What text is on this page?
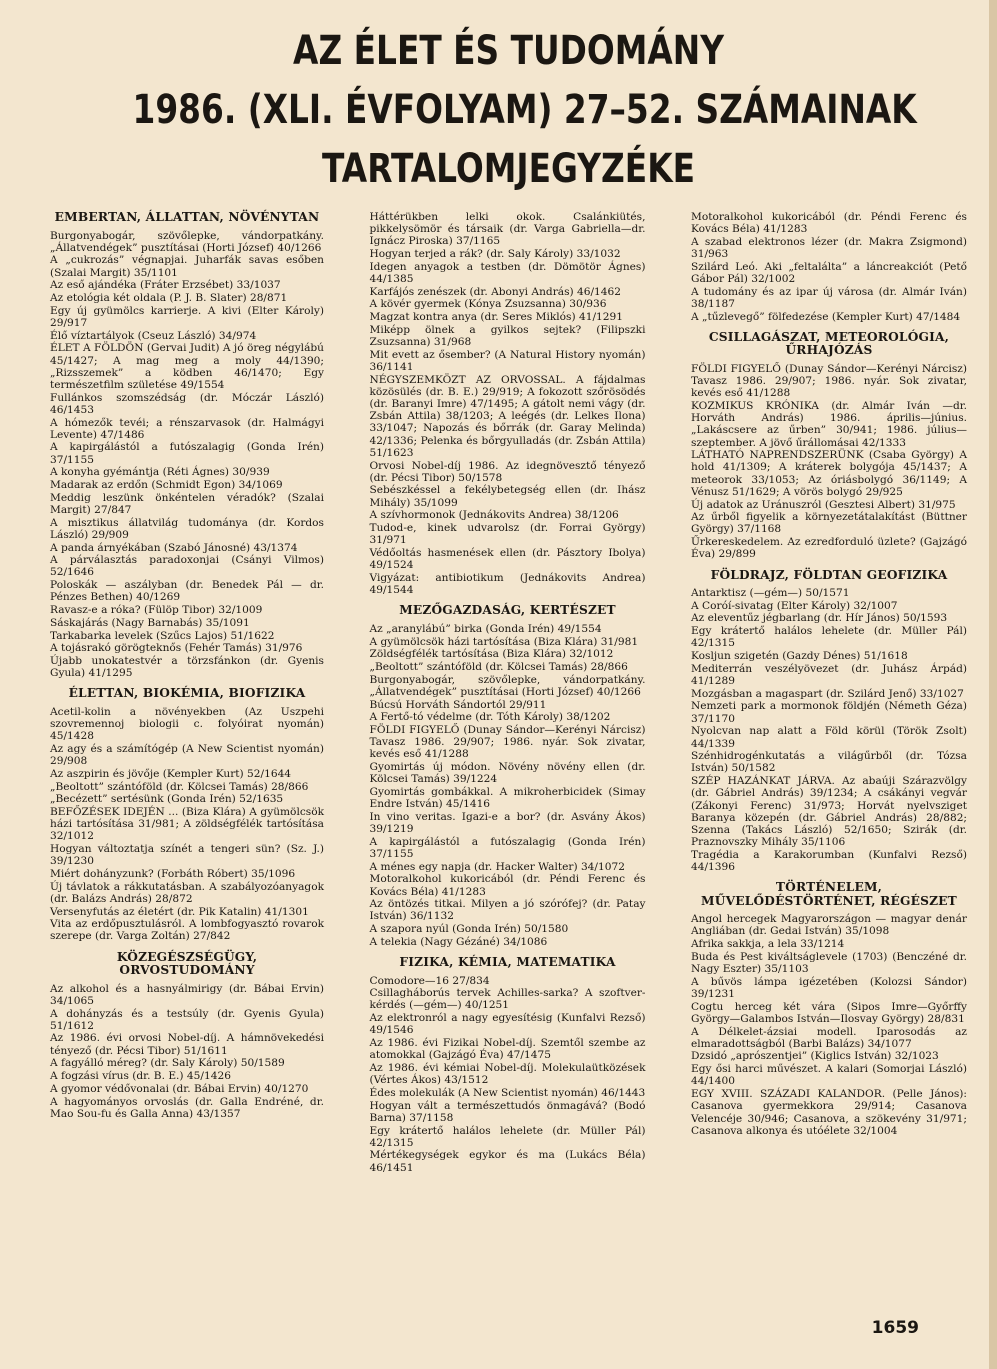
AZ ÉLET ÉS TUDOMÁNY
1986. (XLI. ÉVFOLYAM) 27–52. SZÁMAINAK
TARTALOMJEGYZÉKE
EMBERTAN, ÁLLATTAN, NÖVÉNYTAN
Burgonyabogár, szövőlepke, vándorpatkány. „Állatvendégek” pusztításai (Horti József) 40/1266
A „cukrozás” végnapjai. Juharfák savas esőben (Szalai Margit) 35/1101
Az eső ajándéka (Fráter Erzsébet) 33/1037
Az etológia két oldala (P. J. B. Slater) 28/871
Egy új gyümölcs karrierje. A kivi (Elter Károly) 29/917
Élő víztartályok (Cseuz László) 34/974
ÉLET A FÖLDÖN (Gervai Judit) A jó öreg négylábú 45/1427; A mag meg a moly 44/1390; „Rizsszemek” a ködben 46/1470; Egy természetfilm születése 49/1554
Fullánkos szomszédság (dr. Móczár László) 46/1453
A hómezők tevéi; a rénszarvasok (dr. Halmágyi Levente) 47/1486
A kapirgálástól a futószalagig (Gonda Irén) 37/1155
A konyha gyémántja (Réti Ágnes) 30/939
Madarak az erdőn (Schmidt Egon) 34/1069
Meddig leszünk önkéntelen véradók? (Szalai Margit) 27/847
A misztikus állatvilág tudománya (dr. Kordos László) 29/909
A panda árnyékában (Szabó Jánosné) 43/1374
A párválasztás paradoxonjai (Csányi Vilmos) 52/1646
Poloskák — aszályban (dr. Benedek Pál — dr. Pénzes Bethen) 40/1269
Ravasz-e a róka? (Fülöp Tibor) 32/1009
Sáskajárás (Nagy Barnabás) 35/1091
Tarkabarka levelek (Szűcs Lajos) 51/1622
A tojásrakó görögteknős (Fehér Tamás) 31/976
Újabb unokatestvér a törzsfánkon (dr. Gyenis Gyula) 41/1295
ÉLETTAN, BIOKÉMIA, BIOFIZIKA
Acetil-kolin a növényekben (Az Uszpehi szovremennoj biologii c. folyóirat nyomán) 45/1428
Az agy és a számítógép (A New Scientist nyomán) 29/908
Az aszpirin és jövője (Kempler Kurt) 52/1644
„Beoltott” szántóföld (dr. Kölcsei Tamás) 28/866
„Becézett” sertésünk (Gonda Irén) 52/1635
BEFŐZÉSEK IDEJÉN ... (Biza Klára) A gyümölcsök házi tartósítása 31/981; A zöldségfélék tartósítása 32/1012
Hogyan változtatja színét a tengeri sün? (Sz. J.) 39/1230
Miért dohányzunk? (Forbáth Róbert) 35/1096
Új távlatok a rákkutatásban. A szabályozóanyagok (dr. Balázs András) 28/872
Versenyfutás az életért (dr. Pik Katalin) 41/1301
Vita az erdőpusztulásról. A lombfogyasztó rovarok szerepe (dr. Varga Zoltán) 27/842
KÖZEGÉSZSÉGÜGY, ORVOSTUDOMÁNY
Az alkohol és a hasnyálmirigy (dr. Bábai Ervin) 34/1065
A dohányzás és a testsúly (dr. Gyenis Gyula) 51/1612
Az 1986. évi orvosi Nobel-díj. A hámnövekedési tényező (dr. Pécsi Tibor) 51/1611
A fagyálló méreg? (dr. Saly Károly) 50/1589
A fogzási vírus (dr. B. E.) 45/1426
A gyomor védővonalai (dr. Bábai Ervin) 40/1270
A hagyományos orvoslás (dr. Galla Endréné, dr. Mao Sou-fu és Galla Anna) 43/1357
Háttérükben lelki okok. Csalánkiütés, pikkelysömör és társaik (dr. Varga Gabriella—dr. Ignácz Piroska) 37/1165
Hogyan terjed a rák? (dr. Saly Károly) 33/1032
Idegen anyagok a testben (dr. Dömötör Ágnes) 44/1385
Karfájós zenészek (dr. Abonyi András) 46/1462
A kövér gyermek (Kónya Zsuzsanna) 30/936
Magzat kontra anya (dr. Seres Miklós) 41/1291
Miképp ölnek a gyilkos sejtek? (Filipszki Zsuzsanna) 31/968
Mit evett az ősember? (A Natural History nyomán) 36/1141
NÉGYSZEMKÖZT AZ ORVOSSAL. A fájdalmas közösülés (dr. B. E.) 29/919; A fokozott szőrösödés (dr. Baranyi Imre) 47/1495; A gátolt nemi vágy (dr. Zsbán Attila) 38/1203; A leégés (dr. Lelkes Ilona) 33/1047; Napozás és bőrrák (dr. Garay Melinda) 42/1336; Pelenka és bőrgyulladás (dr. Zsbán Attila) 51/1623
Orvosi Nobel-díj 1986. Az idegnövesztő tényező (dr. Pécsi Tibor) 50/1578
Sebészkéssel a fekélybetegség ellen (dr. Ihász Mihály) 35/1099
A szívhormonok (Jednákovits Andrea) 38/1206
Tudod-e, kinek udvarolsz (dr. Forrai György) 31/971
Védőoltás hasmenések ellen (dr. Pásztory Ibolya) 49/1524
Vigyázat: antibiotikum (Jednákovits Andrea) 49/1544
MEZŐGAZDASÁG, KERTÉSZET
Az „aranylábú” birka (Gonda Irén) 49/1554
A gyümölcsök házi tartósítása (Biza Klára) 31/981
Zöldségfélék tartósítása (Biza Klára) 32/1012
„Beoltott” szántóföld (dr. Kölcsei Tamás) 28/866
Burgonyabogár, szövőlepke, vándorpatkány. „Állatvendégek” pusztításai (Horti József) 40/1266
Búcsú Horváth Sándortól 29/911
A Fertő-tó védelme (dr. Tóth Károly) 38/1202
FÖLDI FIGYELŐ (Dunay Sándor—Kerényi Nárcisz) Tavasz 1986. 29/907; 1986. nyár. Sok zivatar, kevés eső 41/1288
Gyomirtás új módon. Növény növény ellen (dr. Kölcsei Tamás) 39/1224
Gyomirtás gombákkal. A mikroherbicidek (Simay Endre István) 45/1416
In vino veritas. Igazi-e a bor? (dr. Asvány Ákos) 39/1219
A kapirgálástól a futószalagig (Gonda Irén) 37/1155
A ménes egy napja (dr. Hacker Walter) 34/1072
Motoralkohol kukoricából (dr. Péndi Ferenc és Kovács Béla) 41/1283
Az öntözés titkai. Milyen a jó szórófej? (dr. Patay István) 36/1132
A szapora nyúl (Gonda Irén) 50/1580
A telekia (Nagy Gézáné) 34/1086
FIZIKA, KÉMIA, MATEMATIKA
Comodore—16 27/834
Csillagháborús tervek Achilles-sarka? A szoftver-kérdés (—gém—) 40/1251
Az elektronról a nagy egyesítésig (Kunfalvi Rezső) 49/1546
Az 1986. évi Fizikai Nobel-díj. Szemtől szembe az atomokkal (Gajzágó Éva) 47/1475
Az 1986. évi kémiai Nobel-díj. Molekulaütközések (Vértes Ákos) 43/1512
Édes molekulák (A New Scientist nyomán) 46/1443
Hogyan vált a természettudós önmagává? (Bodó Barna) 37/1158
Egy krátertő halálos lehelete (dr. Müller Pál) 42/1315
Mértékegységek egykor és ma (Lukács Béla) 46/1451
Motoralkohol kukoricából (dr. Péndi Ferenc és Kovács Béla) 41/1283
A szabad elektronos lézer (dr. Makra Zsigmond) 31/963
Szilárd Leó. Aki „feltalálta” a láncreakciót (Pető Gábor Pál) 32/1002
A tudomány és az ipar új városa (dr. Almár Iván) 38/1187
A „tűzlevegő” fölfedezése (Kempler Kurt) 47/1484
CSILLAGÁSZAT, METEOROLÓGIA, ŰRHAJÓZÁS
FÖLDI FIGYELŐ (Dunay Sándor—Kerényi Nárcisz) Tavasz 1986. 29/907; 1986. nyár. Sok zivatar, kevés eső 41/1288
KOZMIKUS KRÓNIKA (dr. Almár Iván —dr. Horváth András) 1986. április—június. „Lakáscsere az űrben” 30/941; 1986. július—szeptember. A jövő űrállomásai 42/1333
LÁTHATÓ NAPRENDSZERÜNK (Csaba György) A hold 41/1309; A kráterek bolygója 45/1437; A meteorok 33/1053; Az óriásbolygó 36/1149; A Vénusz 51/1629; A vörös bolygó 29/925
Új adatok az Uránuszról (Gesztesi Albert) 31/975
Az űrből figyelik a környezetátalakítást (Büttner György) 37/1168
Űrkereskedelem. Az ezredforduló üzlete? (Gajzágó Éva) 29/899
FÖLDRAJZ, FÖLDTAN GEOFIZIKA
Antarktisz (—gém—) 50/1571
A Coróí-sivatag (Elter Károly) 32/1007
Az eleventűz jégbarlang (dr. Hír János) 50/1593
Egy krátertő halálos lehelete (dr. Müller Pál) 42/1315
Kosljun szigetén (Gazdy Dénes) 51/1618
Mediterrán veszélyövezet (dr. Juhász Árpád) 41/1289
Mozgásban a magaspart (dr. Szilárd Jenő) 33/1027
Nemzeti park a mormonok földjén (Németh Géza) 37/1170
Nyolcvan nap alatt a Föld körül (Török Zsolt) 44/1339
Szénhidrogénkutatás a világűrből (dr. Tózsa István) 50/1582
SZÉP HAZÁNKAT JÁRVA. Az abaúji Szárazvölgy (dr. Gábriel András) 39/1234; A csákányi vegvár (Zákonyi Ferenc) 31/973; Horvát nyelvsziget Baranya közepén (dr. Gábriel András) 28/882; Szenna (Takács László) 52/1650; Szirák (dr. Praznovszky Mihály 35/1106
Tragédia a Karakorumban (Kunfalvi Rezső) 44/1396
TÖRTÉNELEM, MŰVELŐDÉSTÖRTÉNET, RÉGÉSZET
Angol hercegek Magyarországon — magyar denár Angliában (dr. Gedai István) 35/1098
Afrika sakkja, a lela 33/1214
Buda és Pest kiváltságlevele (1703) (Benczéné dr. Nagy Eszter) 35/1103
A bűvös lámpa igézetében (Kolozsi Sándor) 39/1231
Cogtu herceg két vára (Sipos Imre—Győrffy György—Galambos István—Ilosvay György) 28/831
A Délkelet-ázsiai modell. Iparosodás az elmaradottságból (Barbi Balázs) 34/1077
Dzsidó „aprószentjei” (Kiglics István) 32/1023
Egy ősi harci művészet. A kalari (Somorjai László) 44/1400
EGY XVIII. SZÁZADI KALANDOR. (Pelle János): Casanova gyermekkora 29/914; Casanova Velencéje 30/946; Casanova, a szökevény 31/971; Casanova alkonya és utóélete 32/1004
1659
